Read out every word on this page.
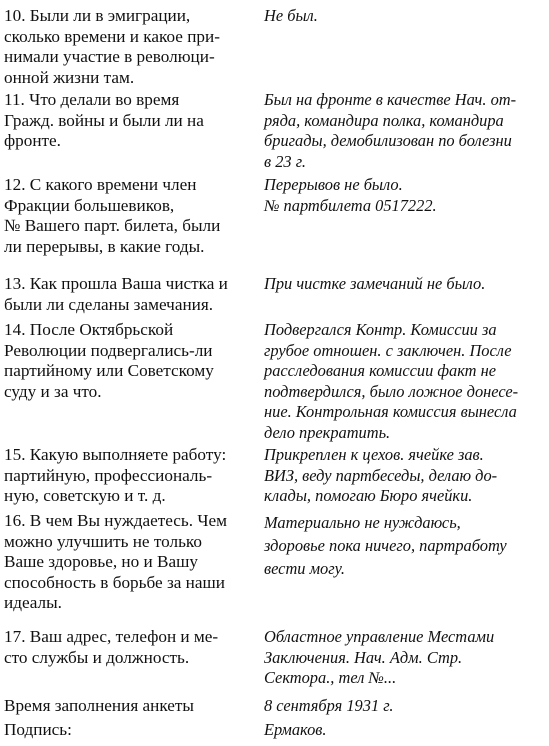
10. Были ли в эмиграции,
сколько времени и какое при-
нимали участие в революци-
онной жизни там.
Не был.
11. Что делали во время
Гражд. войны и были ли на
фронте.
Был на фронте в качестве Нач. от-
ряда, командира полка, командира
бригады, демобилизован по болезни
в 23 г.
12. С какого времени член
Фракции большевиков,
№ Вашего парт. билета, были
ли перерывы, в какие годы.
Перерывов не было.
№ партбилета 0517222.
13. Как прошла Ваша чистка и
были ли сделаны замечания.
При чистке замечаний не было.
14. После Октябрьской
Революции подвергались-ли
партийному или Советскому
суду и за что.
Подвергался Контр. Комиссии за
грубое отношен. с заключен. После
расследования комиссии факт не
подтвердился, было ложное донесе-
ние. Контрольная комиссия вынесла
дело прекратить.
15. Какую выполняете работу:
партийную, профессиональ-
ную, советскую и т. д.
Прикреплен к цехов. ячейке зав.
ВИЗ, веду партбеседы, делаю до-
клады, помогаю Бюро ячейки.
16. В чем Вы нуждаетесь. Чем
можно улучшить не только
Ваше здоровье, но и Вашу
способность в борьбе за наши
идеалы.
Материально не нуждаюсь,
здоровье пока ничего, партработу
вести могу.
17. Ваш адрес, телефон и ме-
сто службы и должность.
Областное управление Местами
Заключения. Нач. Адм. Стр.
Сектора., тел №...
Время заполнения анкеты	8 сентября 1931 г.
Подпись:	Ермаков.
